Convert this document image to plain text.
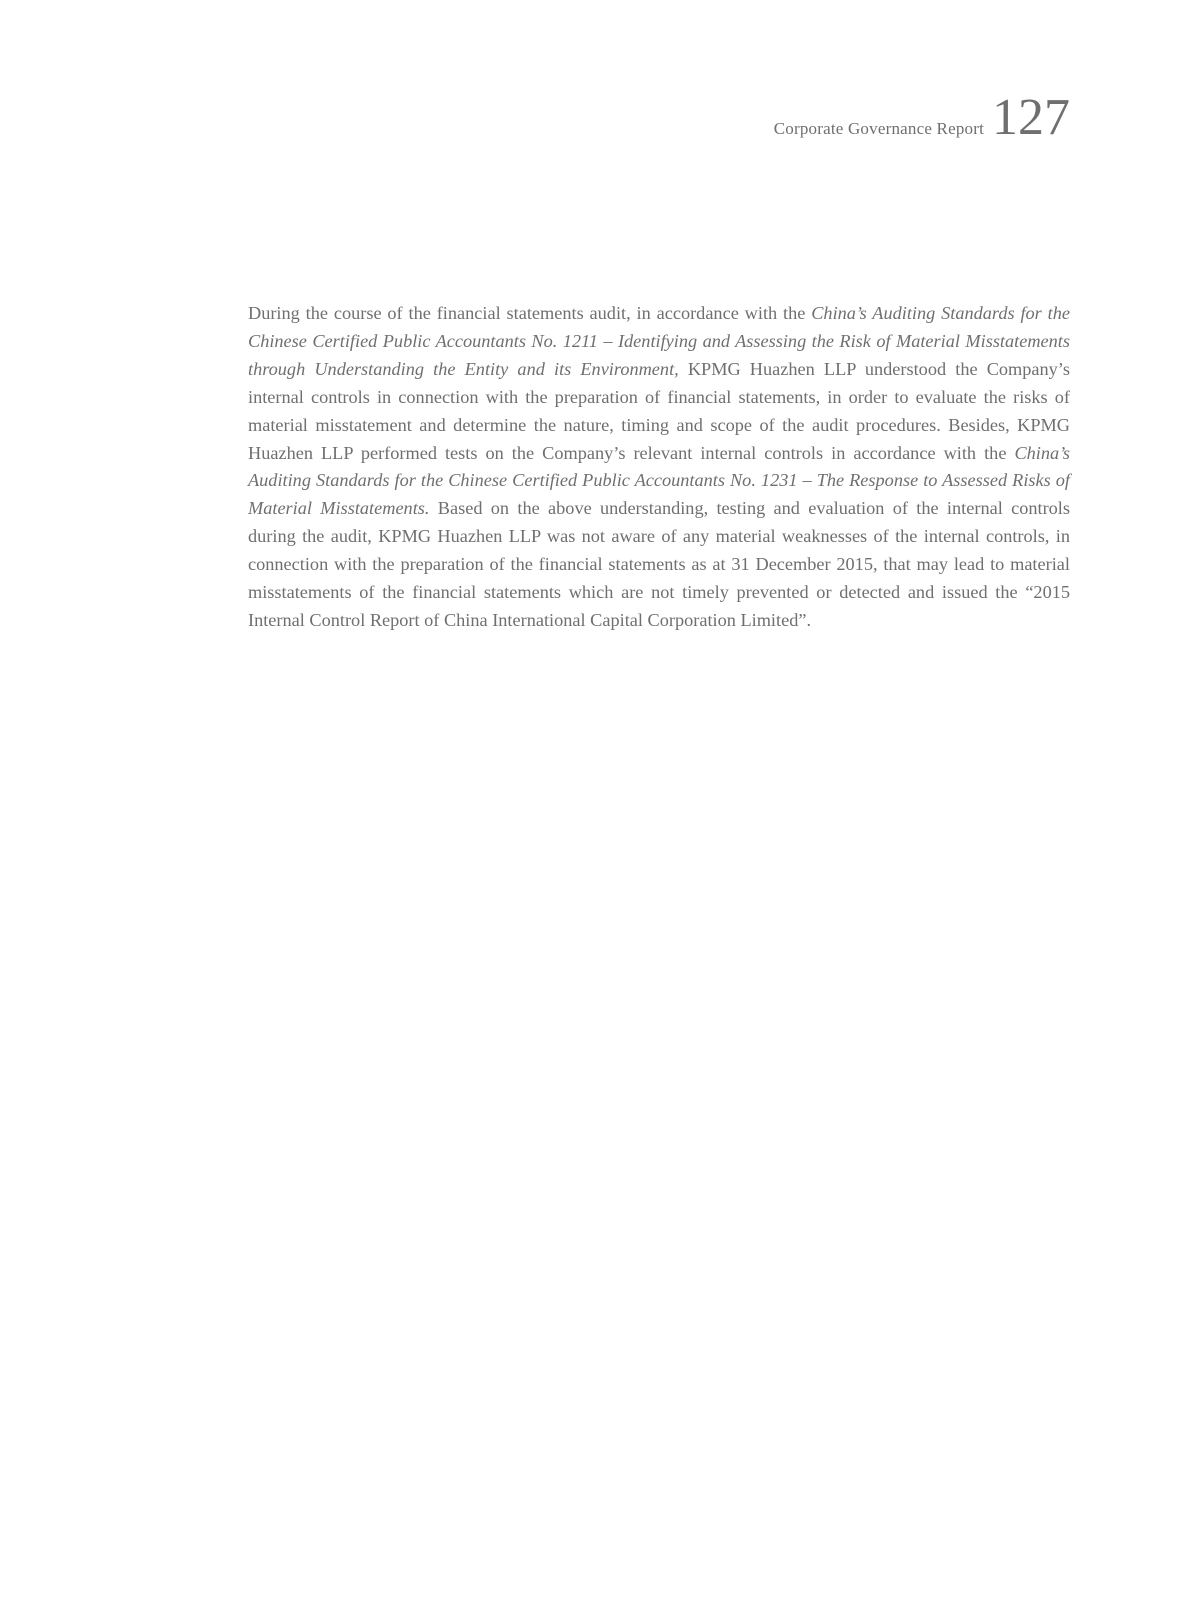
Corporate Governance Report 127

During the course of the financial statements audit, in accordance with the China’s Auditing Standards for the Chinese Certified Public Accountants No. 1211 – Identifying and Assessing the Risk of Material Misstatements through Understanding the Entity and its Environment, KPMG Huazhen LLP understood the Company’s internal controls in connection with the preparation of financial statements, in order to evaluate the risks of material misstatement and determine the nature, timing and scope of the audit procedures. Besides, KPMG Huazhen LLP performed tests on the Company’s relevant internal controls in accordance with the China’s Auditing Standards for the Chinese Certified Public Accountants No. 1231 – The Response to Assessed Risks of Material Misstatements. Based on the above understanding, testing and evaluation of the internal controls during the audit, KPMG Huazhen LLP was not aware of any material weaknesses of the internal controls, in connection with the preparation of the financial statements as at 31 December 2015, that may lead to material misstatements of the financial statements which are not timely prevented or detected and issued the “2015 Internal Control Report of China International Capital Corporation Limited”.
